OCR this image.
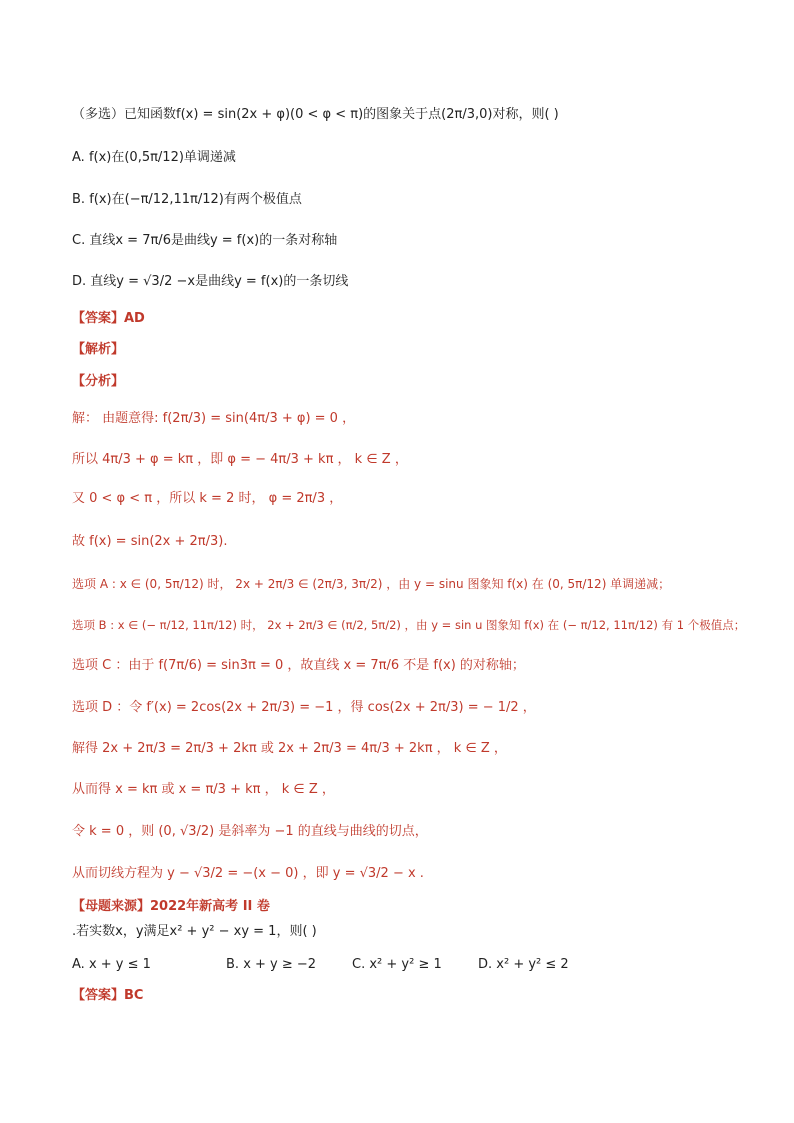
（多选）已知函数f(x) = sin(2x + φ)(0 < φ < π)的图象关于点(2π/3,0)对称，则( )
A. f(x)在(0,5π/12)单调递减
B. f(x)在(−π/12,11π/12)有两个极值点
C. 直线x = 7π/6是曲线y = f(x)的一条对称轴
D. 直线y = √3/2 −x是曲线y = f(x)的一条切线
【答案】AD
【解析】
【分析】
解： 由题意得: f(2π/3) = sin(4π/3 + φ) = 0 ，
所以 4π/3 + φ = kπ ，即 φ = − 4π/3 + kπ ， k ∈ Z ，
又 0 < φ < π ，所以 k = 2 时， φ = 2π/3 ，
故 f(x) = sin(2x + 2π/3).
选项 A : x ∈ (0, 5π/12) 时， 2x + 2π/3 ∈ (2π/3, 3π/2) ，由 y = sinu 图象知 f(x) 在 (0, 5π/12) 单调递减；
选项 B : x ∈ (− π/12, 11π/12) 时， 2x + 2π/3 ∈ (π/2, 5π/2) ，由 y = sin u 图象知 f(x) 在 (− π/12, 11π/12) 有 1 个极值点；
选项 C ：由于 f(7π/6) = sin3π = 0 ，故直线 x = 7π/6 不是 f(x) 的对称轴；
选项 D ：令 f′(x) = 2cos(2x + 2π/3) = −1 ，得 cos(2x + 2π/3) = − 1/2 ，
解得 2x + 2π/3 = 2π/3 + 2kπ 或 2x + 2π/3 = 4π/3 + 2kπ ， k ∈ Z ，
从而得 x = kπ 或 x = π/3 + kπ ， k ∈ Z ，
令 k = 0 ，则 (0, √3/2) 是斜率为 −1 的直线与曲线的切点，
从而切线方程为 y − √3/2 = −(x − 0) ，即 y = √3/2 − x .
【母题来源】2022年新高考 II 卷
.若实数x，y满足x² + y² − xy = 1，则( )
A. x + y ≤ 1	B. x + y ≥ −2	C. x² + y² ≥ 1	D. x² + y² ≤ 2
【答案】BC
